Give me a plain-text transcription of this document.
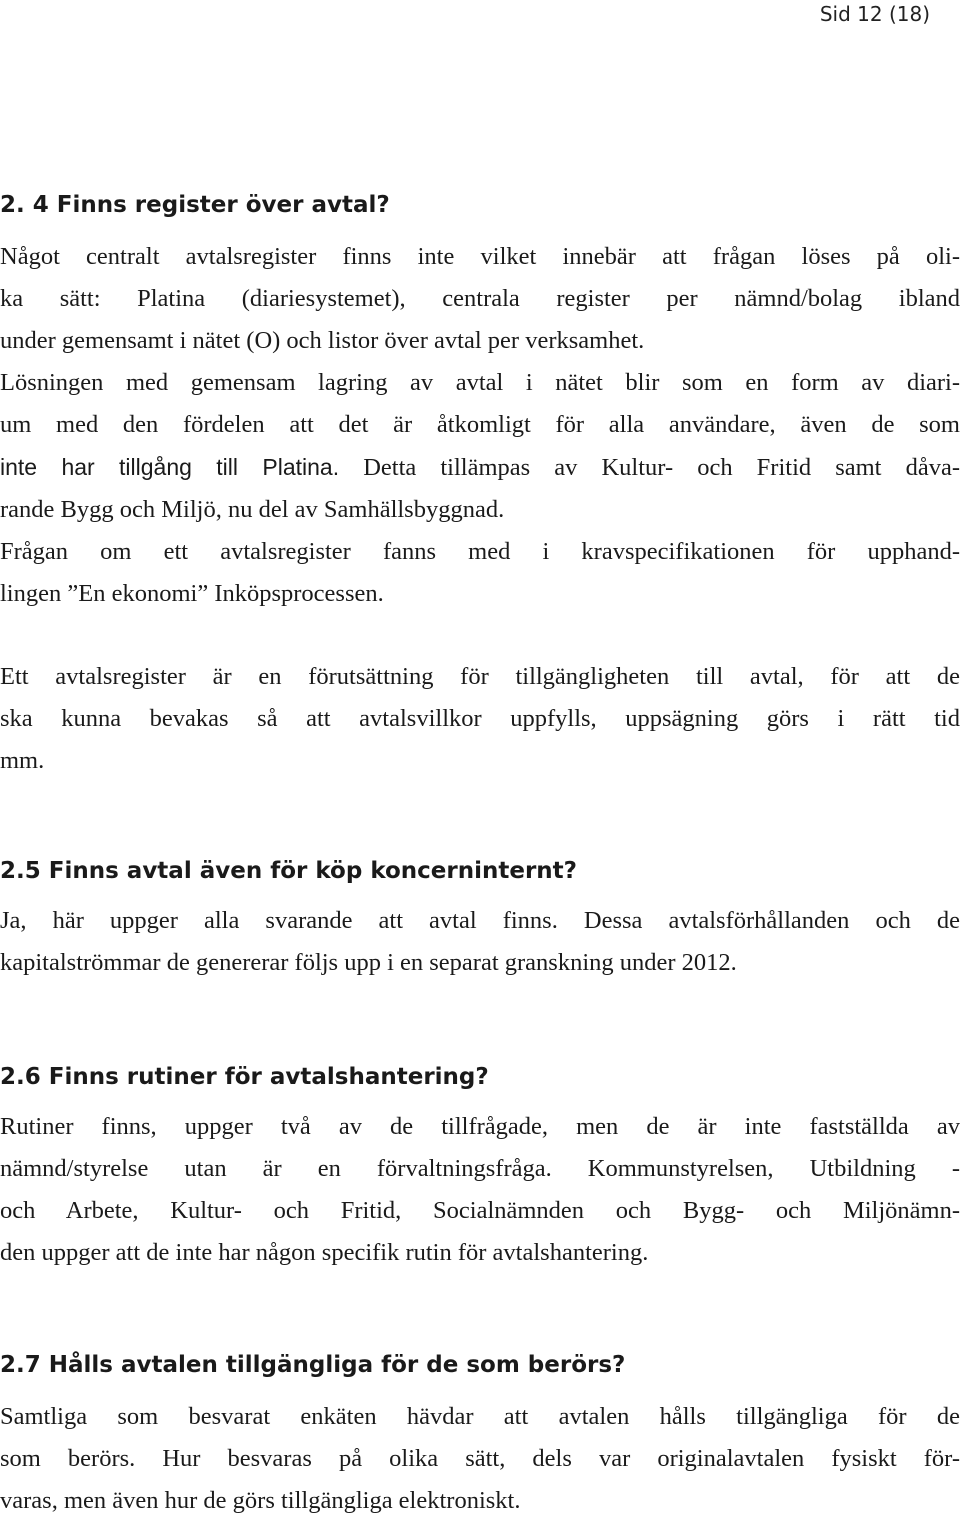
Sid 12 (18)
2. 4 Finns register över avtal?

Något centralt avtalsregister finns inte vilket innebär att frågan löses på oli-
ka sätt: Platina (diariesystemet), centrala register per nämnd/bolag ibland
under gemensamt i nätet (O) och listor över avtal per verksamhet.
Lösningen med gemensam lagring av avtal i nätet blir som en form av diari-
um med den fördelen att det är åtkomligt för alla användare, även de som
inte har tillgång till Platina. Detta tillämpas av Kultur- och Fritid samt dåva-
rande Bygg och Miljö, nu del av Samhällsbyggnad.
Frågan om ett avtalsregister fanns med i kravspecifikationen för upphand-
lingen ”En ekonomi” Inköpsprocessen.

Ett avtalsregister är en förutsättning för tillgängligheten till avtal, för att de
ska kunna bevakas så att avtalsvillkor uppfylls, uppsägning görs i rätt tid
mm.

2.5 Finns avtal även för köp koncerninternt?

Ja, här uppger alla svarande att avtal finns. Dessa avtalsförhållanden och de
kapitalströmmar de genererar följs upp i en separat granskning under 2012.

2.6 Finns rutiner för avtalshantering?

Rutiner finns, uppger två av de tillfrågade, men de är inte fastställda av
nämnd/styrelse utan är en förvaltningsfråga. Kommunstyrelsen, Utbildning -
och Arbete, Kultur- och Fritid, Socialnämnden och Bygg- och Miljönämn-
den uppger att de inte har någon specifik rutin för avtalshantering.

2.7 Hålls avtalen tillgängliga för de som berörs?

Samtliga som besvarat enkäten hävdar att avtalen hålls tillgängliga för de
som berörs. Hur besvaras på olika sätt, dels var originalavtalen fysiskt för-
varas, men även hur de görs tillgängliga elektroniskt.
